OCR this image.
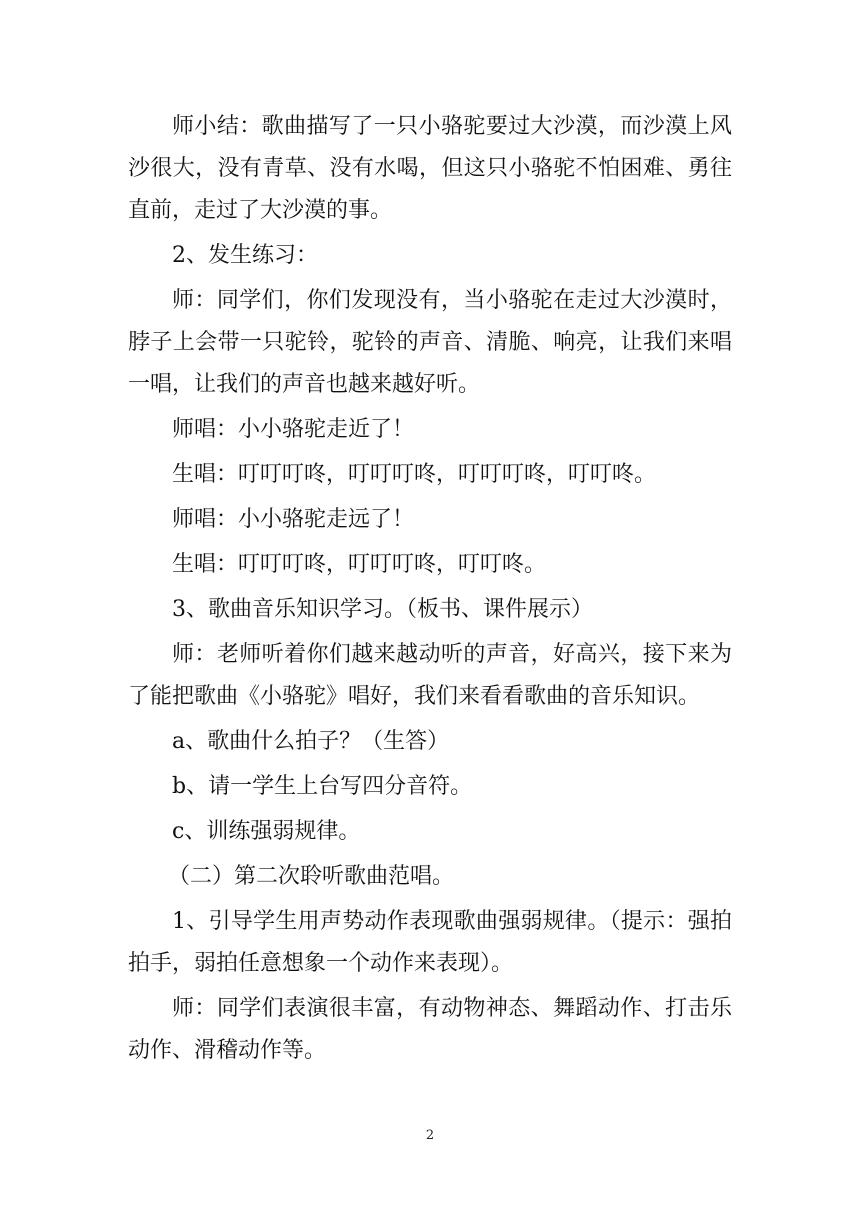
师小结：歌曲描写了一只小骆驼要过大沙漠，而沙漠上风沙很大，没有青草、没有水喝，但这只小骆驼不怕困难、勇往直前，走过了大沙漠的事。

2、发生练习：

师：同学们，你们发现没有，当小骆驼在走过大沙漠时，脖子上会带一只驼铃，驼铃的声音、清脆、响亮，让我们来唱一唱，让我们的声音也越来越好听。

师唱：小小骆驼走近了！

生唱：叮叮叮咚，叮叮叮咚，叮叮叮咚，叮叮咚。

师唱：小小骆驼走远了！

生唱：叮叮叮咚，叮叮叮咚，叮叮咚。

3、歌曲音乐知识学习。（板书、课件展示）

师：老师听着你们越来越动听的声音，好高兴，接下来为了能把歌曲《小骆驼》唱好，我们来看看歌曲的音乐知识。

a、歌曲什么拍子？（生答）

b、请一学生上台写四分音符。

c、训练强弱规律。

（二）第二次聆听歌曲范唱。

1、引导学生用声势动作表现歌曲强弱规律。（提示：强拍拍手，弱拍任意想象一个动作来表现）。

师：同学们表演很丰富，有动物神态、舞蹈动作、打击乐动作、滑稽动作等。

2
